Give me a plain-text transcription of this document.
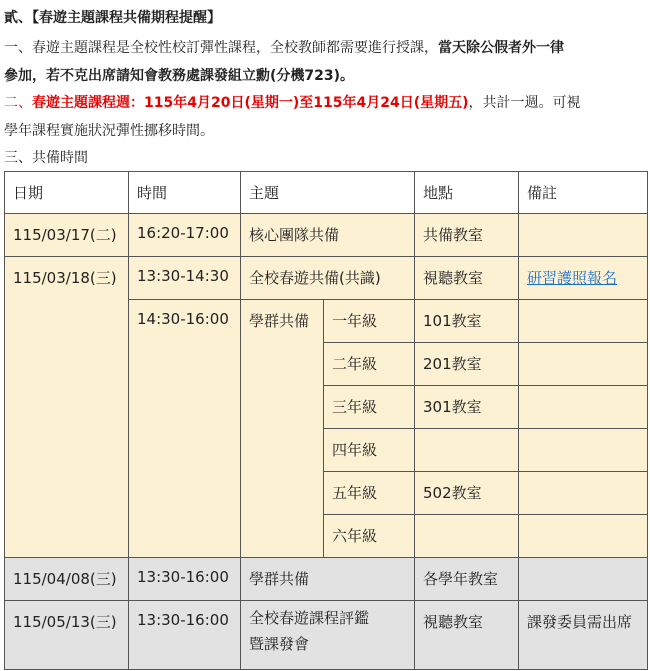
貳、【春遊主題課程共備期程提醒】
一、春遊主題課程是全校性校訂彈性課程，全校教師都需要進行授課，當天除公假者外一律
參加，若不克出席請知會教務處課發組立勳(分機723)。
二、春遊主題課程週：115年4月20日(星期一)至115年4月24日(星期五)，共計一週。可視
學年課程實施狀況彈性挪移時間。
三、共備時間
日期	時間	主題		地點	備註
115/03/17(二)	16:20-17:00	核心團隊共備		共備教室	
115/03/18(三)	13:30-14:30	全校春遊共備(共識)		視聽教室	研習護照報名
	14:30-16:00	學群共備	一年級	101教室	
			二年級	201教室	
			三年級	301教室	
			四年級		
			五年級	502教室	
			六年級		
115/04/08(三)	13:30-16:00	學群共備		各學年教室	
115/05/13(三)	13:30-16:00	全校春遊課程評鑑
暨課發會		視聽教室	課發委員需出席
